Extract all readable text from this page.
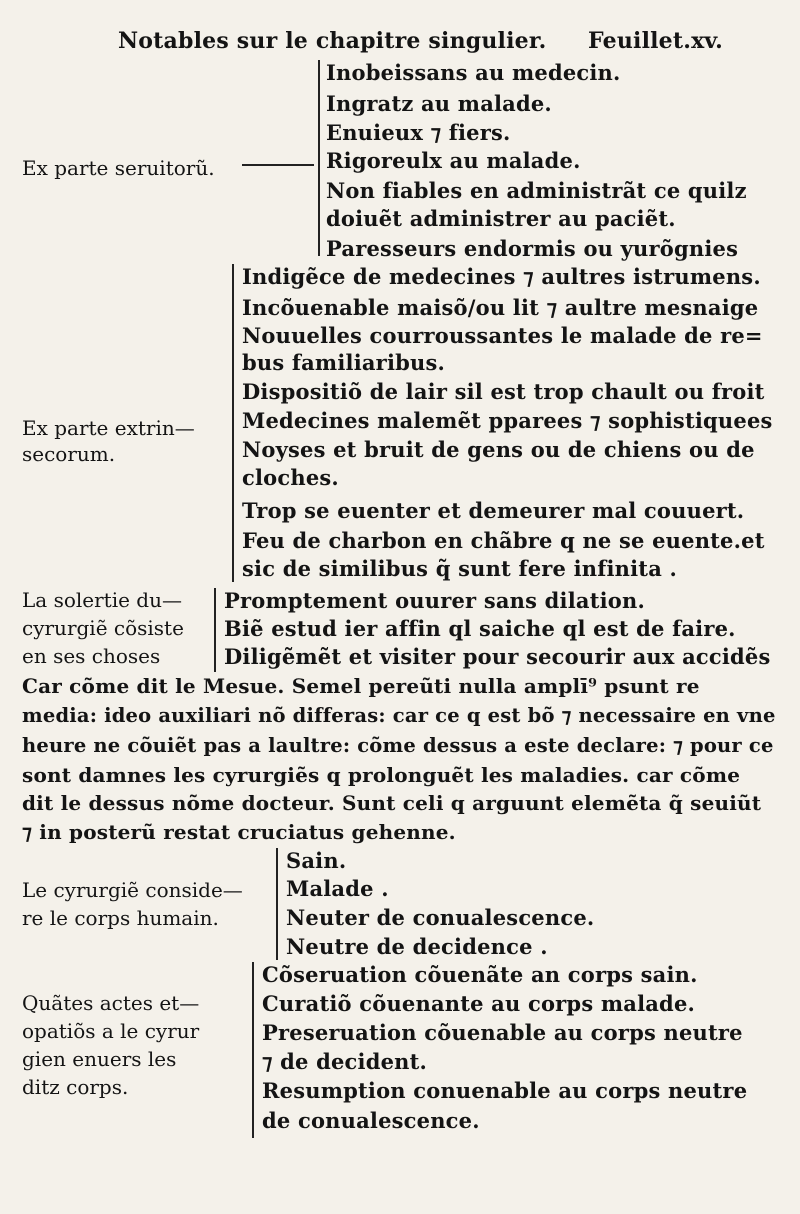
Notables sur le chapitre singulier. Feuillet.xv.
Ex parte seruitorũ.
Inobeissans au medecin.
Ingratz au malade.
Enuieux ⁊ fiers.
Rigoreulx au malade.
Non fiables en administrãt ce quilz
doiuẽt administrer au paciẽt.
Paresseurs endormis ou yurõgnies
Ex parte extrin—
secorum.
Indigẽce de medecines ⁊ aultres istrumens.
Incõuenable maisõ/ou lit ⁊ aultre mesnaige
Nouuelles courroussantes le malade de re=
bus familiaribus.
Dispositiõ de lair sil est trop chault ou froit
Medecines malemẽt pparees ⁊ sophistiquees
Noyses et bruit de gens ou de chiens ou de
cloches.
Trop se euenter et demeurer mal couuert.
Feu de charbon en chãbre q ne se euente.et
sic de similibus q̃ sunt fere infinita .
La solertie du—
cyrurgiẽ cõsiste
en ses choses
Promptement ouurer sans dilation.
Biẽ estud ier affin ql saiche ql est de faire.
Diligẽmẽt et visiter pour secourir aux accidẽs
Car cõme dit le Mesue. Semel pereũti nulla amplī⁹ psunt re
media: ideo auxiliari nõ differas: car ce q est bõ ⁊ necessaire en vne
heure ne cõuiẽt pas a laultre: cõme dessus a este declare: ⁊ pour ce
sont damnes les cyrurgiẽs q prolonguẽt les maladies. car cõme
dit le dessus nõme docteur. Sunt celi q arguunt elemẽta q̃ seuiũt
⁊ in posterũ restat cruciatus gehenne.
Le cyrurgiẽ conside—
re le corps humain.
Sain.
Malade .
Neuter de conualescence.
Neutre de decidence .
Quãtes actes et—
opatiõs a le cyrur
gien enuers les
ditz corps.
Cõseruation cõuenãte an corps sain.
Curatiõ cõuenante au corps malade.
Preseruation cõuenable au corps neutre
⁊ de decident.
Resumption conuenable au corps neutre
de conualescence.
